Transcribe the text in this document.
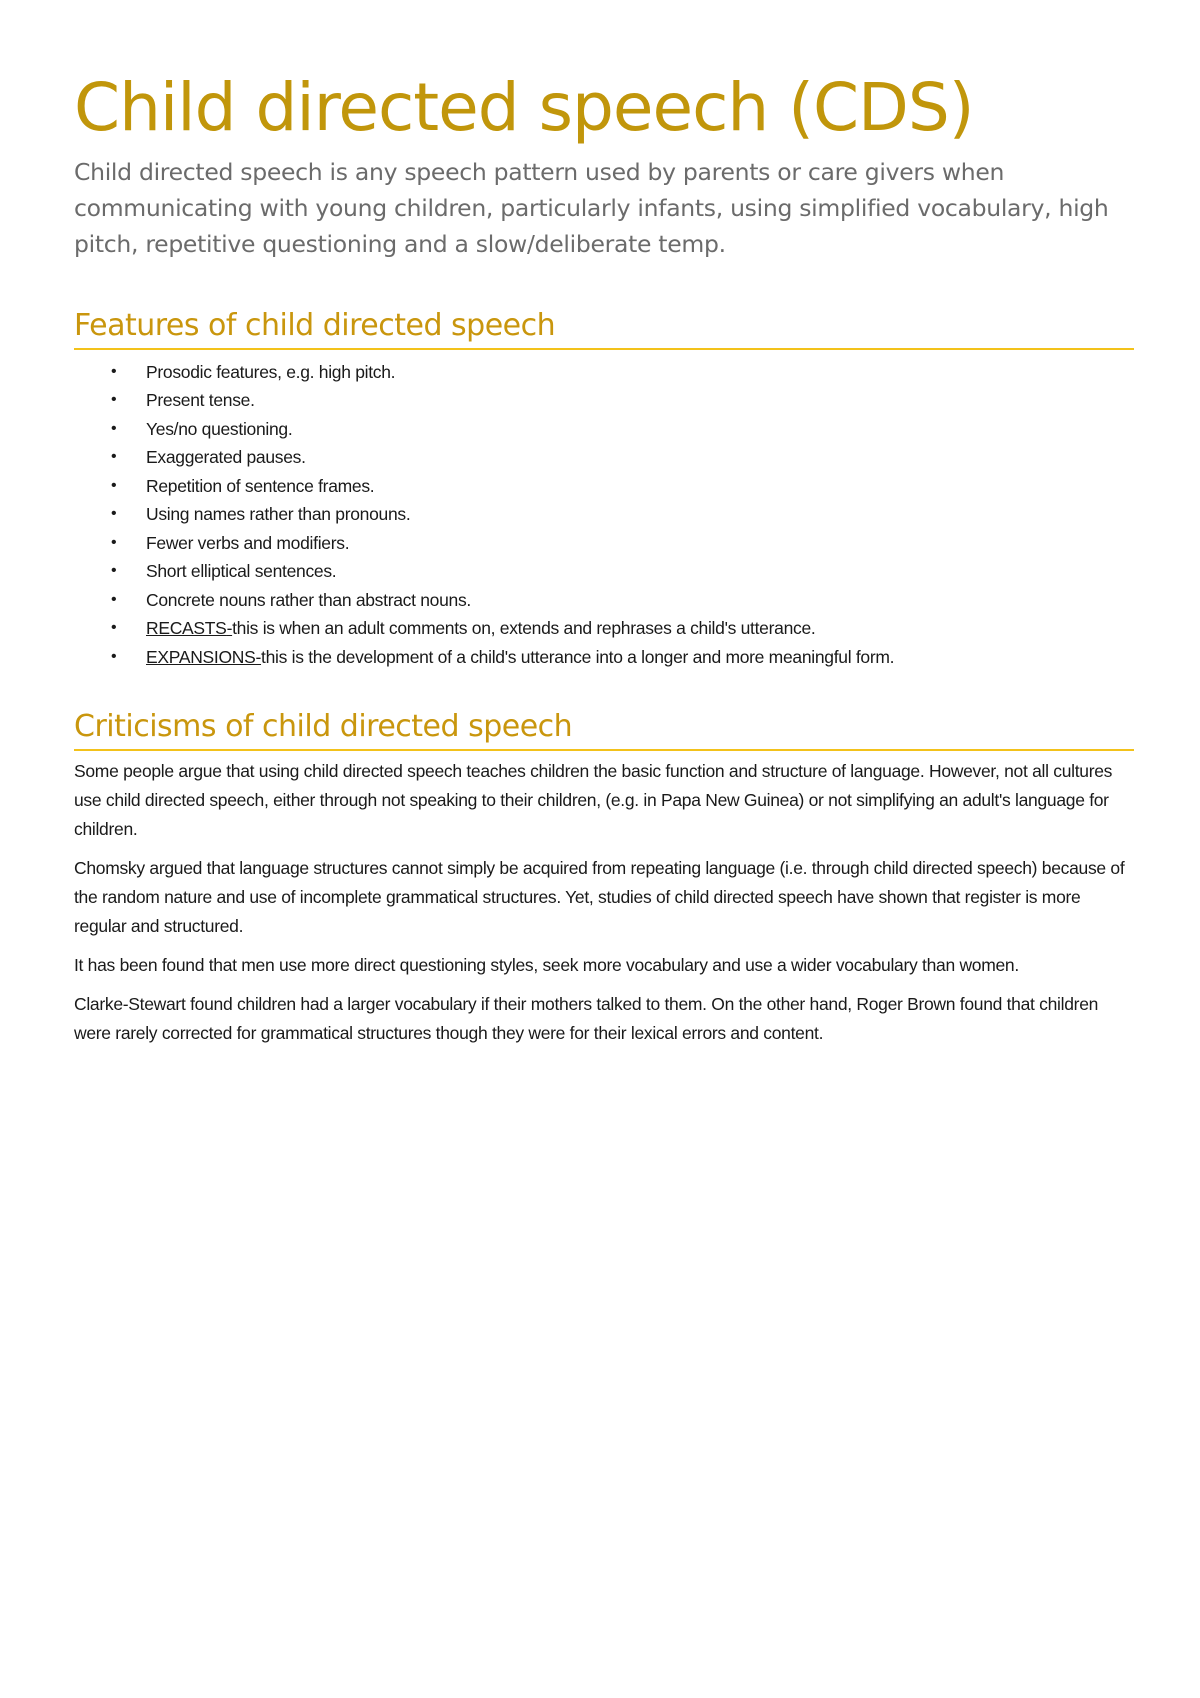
Child directed speech (CDS)

Child directed speech is any speech pattern used by parents or care givers when communicating with young children, particularly infants, using simplified vocabulary, high pitch, repetitive questioning and a slow/deliberate temp.

Features of child directed speech
• Prosodic features, e.g. high pitch.
• Present tense.
• Yes/no questioning.
• Exaggerated pauses.
• Repetition of sentence frames.
• Using names rather than pronouns.
• Fewer verbs and modifiers.
• Short elliptical sentences.
• Concrete nouns rather than abstract nouns.
• RECASTS-this is when an adult comments on, extends and rephrases a child's utterance.
• EXPANSIONS-this is the development of a child's utterance into a longer and more meaningful form.
Criticisms of child directed speech

Some people argue that using child directed speech teaches children the basic function and structure of language. However, not all cultures use child directed speech, either through not speaking to their children, (e.g. in Papa New Guinea) or not simplifying an adult's language for children.

Chomsky argued that language structures cannot simply be acquired from repeating language (i.e. through child directed speech) because of the random nature and use of incomplete grammatical structures. Yet, studies of child directed speech have shown that register is more regular and structured.

It has been found that men use more direct questioning styles, seek more vocabulary and use a wider vocabulary than women.

Clarke-Stewart found children had a larger vocabulary if their mothers talked to them. On the other hand, Roger Brown found that children were rarely corrected for grammatical structures though they were for their lexical errors and content.
